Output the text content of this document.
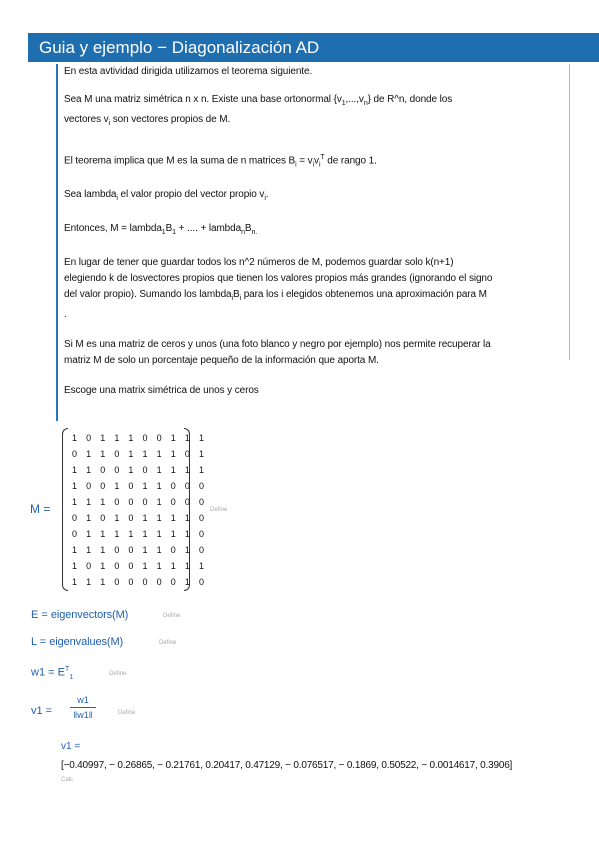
Guia y ejemplo − Diagonalización AD

En esta avtividad dirigida utilizamos el teorema siguiente.

Sea M una matriz simétrica n x n. Existe una base ortonormal $\{v_1,...,v_n\}$ de R^n, donde los
vectores $v_i$ son vectores propios de M.

El teorema implica que M es la suma de n matrices $B_i = v_iv_i^T$ de rango 1.

Sea lambda$_i$ el valor propio del vector propio $v_i$.

Entonces, $M = lambda_1B_1$ + .... + $lambda_nB_{n.}$

En lugar de tener que guardar todos los n^2 números de M, podemos guardar solo k(n+1)
elegiendo k de losvectores propios que tienen los valores propios más grandes (ignorando el signo
del valor propio). Sumando los $lambda_iB_i$ para los i elegidos obtenemos una aproximación para M
.

Si M es una matriz de ceros y unos (una foto blanco y negro por ejemplo) nos permite recuperar la
matriz M de solo un porcentaje pequeño de la información que aporta M.

Escoge una matrix simétrica de unos y ceros

M =
1 0 1 1 1 0 0 1 1 1
0 1 1 0 1 1 1 1 0 1
1 1 0 0 1 0 1 1 1 1
1 0 0 1 0 1 1 0 0 0
1 1 1 0 0 0 1 0 0 0
0 1 0 1 0 1 1 1 1 0
0 1 1 1 1 1 1 1 1 0
1 1 1 0 0 1 1 0 1 0
1 0 1 0 0 1 1 1 1 1
1 1 1 0 0 0 0 0 1 0
Define
E = eigenvectors(M)	Define
L = eigenvalues(M)	Define
$w1 = E^T_1$	Define
v1 =
w1
‖w1‖	Define
v1 =
[−0.40997, − 0.26865, − 0.21761, 0.20417, 0.47129, − 0.076517, − 0.1869, 0.50522, − 0.0014617, 0.3906]
Calc
